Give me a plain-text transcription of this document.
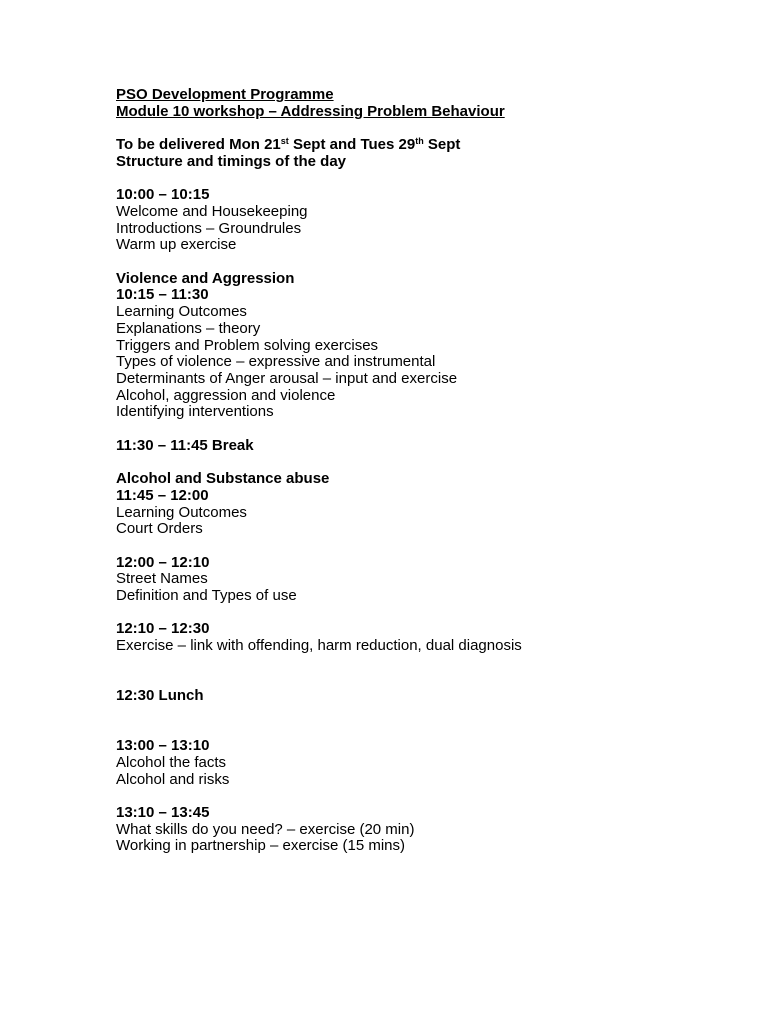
PSO Development Programme
Module 10 workshop – Addressing Problem Behaviour
To be delivered Mon 21st Sept and Tues 29th Sept
Structure and timings of the day
10:00 – 10:15
Welcome and Housekeeping
Introductions – Groundrules
Warm up exercise
Violence and Aggression
10:15 – 11:30
Learning Outcomes
Explanations – theory
Triggers and Problem solving exercises
Types of violence – expressive and instrumental
Determinants of Anger arousal – input and exercise
Alcohol, aggression and violence
Identifying interventions
11:30 – 11:45 Break
Alcohol and Substance abuse
11:45 – 12:00
Learning Outcomes
Court Orders
12:00 – 12:10
Street Names
Definition and Types of use
12:10 – 12:30
Exercise – link with offending, harm reduction, dual diagnosis
12:30 Lunch
13:00 – 13:10
Alcohol the facts
Alcohol and risks
13:10 – 13:45
What skills do you need? – exercise (20 min)
Working in partnership – exercise (15 mins)
